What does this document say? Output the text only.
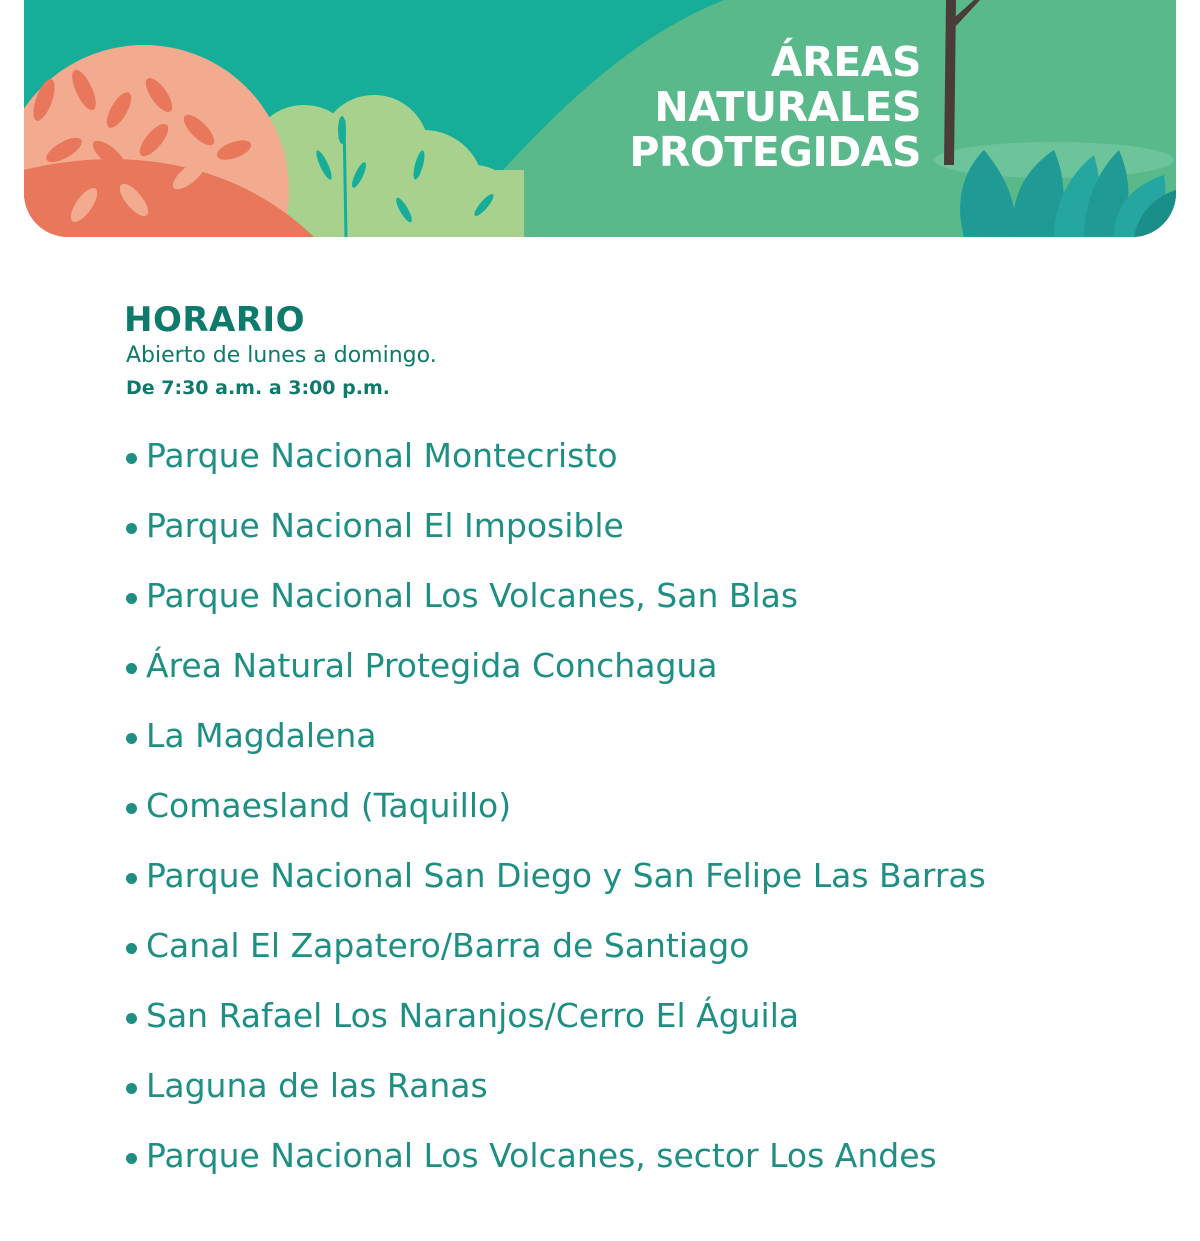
ÁREAS
NATURALES
PROTEGIDAS
HORARIO
Abierto de lunes a domingo.
De 7:30 a.m. a 3:00 p.m.
Parque Nacional Montecristo
Parque Nacional El Imposible
Parque Nacional Los Volcanes, San Blas
Área Natural Protegida Conchagua
La Magdalena
Comaesland (Taquillo)
Parque Nacional San Diego y San Felipe Las Barras
Canal El Zapatero/Barra de Santiago
San Rafael Los Naranjos/Cerro El Águila
Laguna de las Ranas
Parque Nacional Los Volcanes, sector Los Andes
